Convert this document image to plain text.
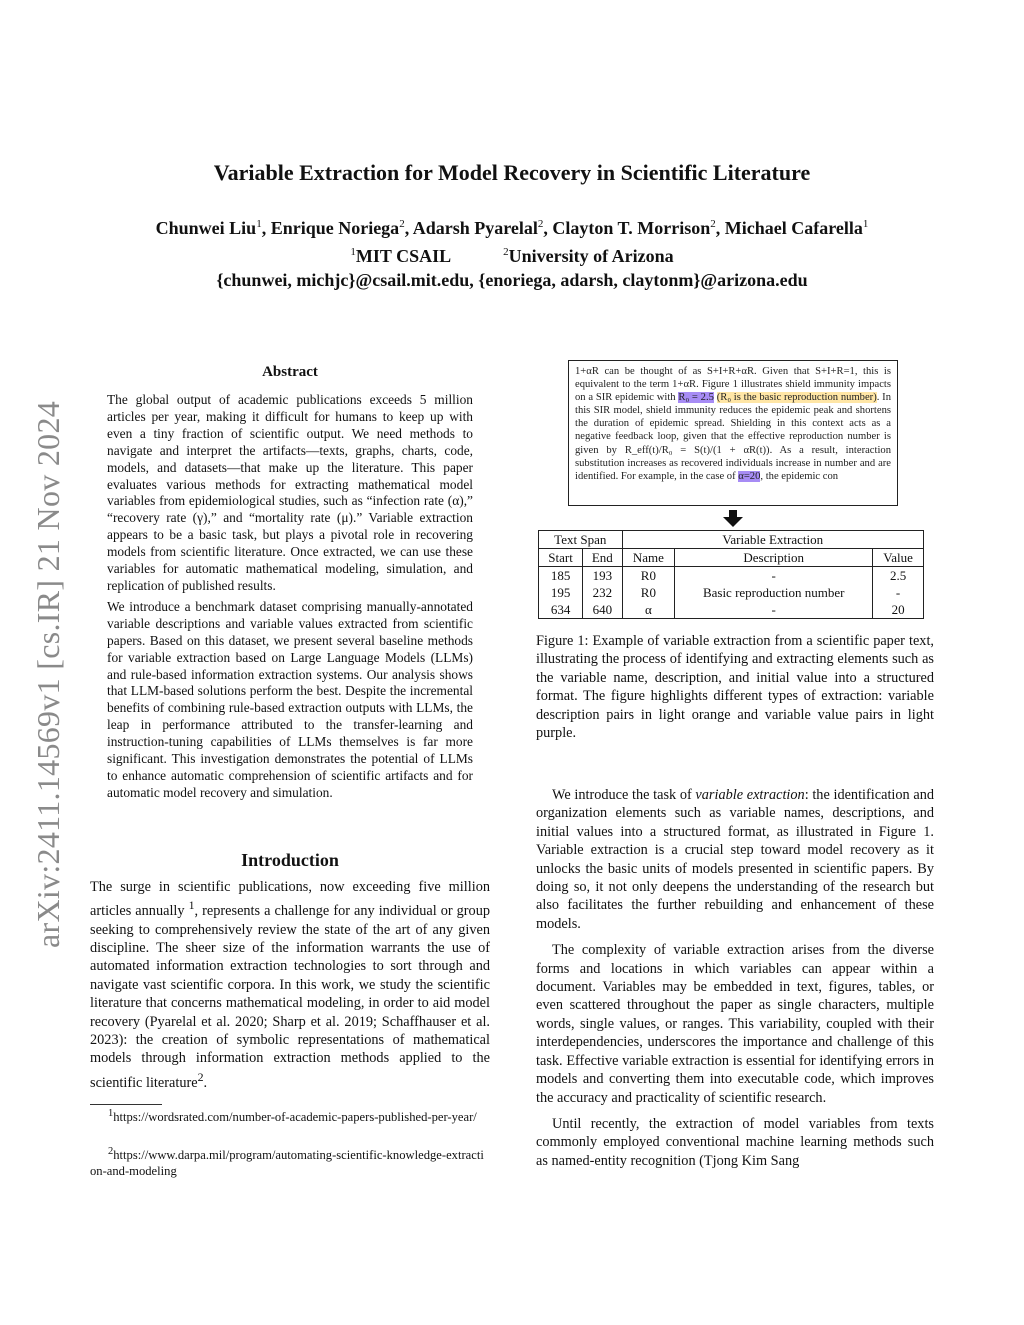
Variable Extraction for Model Recovery in Scientific Literature
Chunwei Liu$^1$, Enrique Noriega$^2$, Adarsh Pyarelal$^2$, Clayton T. Morrison$^2$, Michael Cafarella$^1$
$^1$MIT CSAIL	$^2$University of Arizona
{chunwei, michjc}@csail.mit.edu, {enoriega, adarsh, claytonm}@arizona.edu
arXiv:2411.14569v1 [cs.IR] 21 Nov 2024
Abstract

The global output of academic publications exceeds 5 million articles per year, making it difficult for humans to keep up with even a tiny fraction of scientific output. We need methods to navigate and interpret the artifacts—texts, graphs, charts, code, models, and datasets—that make up the literature. This paper evaluates various methods for extracting mathematical model variables from epidemiological studies, such as “infection rate (α),” “recovery rate (γ),” and “mortality rate (μ).” Variable extraction appears to be a basic task, but plays a pivotal role in recovering models from scientific literature. Once extracted, we can use these variables for automatic mathematical modeling, simulation, and replication of published results.

We introduce a benchmark dataset comprising manually-annotated variable descriptions and variable values extracted from scientific papers. Based on this dataset, we present several baseline methods for variable extraction based on Large Language Models (LLMs) and rule-based information extraction systems. Our analysis shows that LLM-based solutions perform the best. Despite the incremental benefits of combining rule-based extraction outputs with LLMs, the leap in performance attributed to the transfer-learning and instruction-tuning capabilities of LLMs themselves is far more significant. This investigation demonstrates the potential of LLMs to enhance automatic comprehension of scientific artifacts and for automatic model recovery and simulation.

Introduction

The surge in scientific publications, now exceeding five million articles annually $^1$, represents a challenge for any individual or group seeking to comprehensively review the state of the art of any given discipline. The sheer size of the information warrants the use of automated information extraction technologies to sort through and navigate vast scientific corpora. In this work, we study the scientific literature that concerns mathematical modeling, in order to aid model recovery (Pyarelal et al. 2020; Sharp et al. 2019; Schaffhauser et al. 2023): the creation of symbolic representations of mathematical models through information extraction methods applied to the scientific literature$^2$.

$^1$https://wordsrated.com/number-of-academic-papers-published-per-year/
$^2$https://www.darpa.mil/program/automating-scientific-knowledge-extraction-and-modeling
1+αR can be thought of as S+I+R+αR. Given that S+I+R=1, this is equivalent to the term 1+αR. Figure 1 illustrates shield immunity impacts on a SIR epidemic with R₀ = 2.5 (R₀ is the basic reproduction number). In this SIR model, shield immunity reduces the epidemic peak and shortens the duration of epidemic spread. Shielding in this context acts as a negative feedback loop, given that the effective reproduction number is given by R_eff(t)/R₀ = S(t)/(1 + αR(t)). As a result, interaction substitution increases as recovered individuals increase in number and are identified. For example, in the case of α=20, the epidemic con
Text Span		Variable Extraction		
Start	End	Name	Description	Value
185	193	R0	-	2.5
195	232	R0	Basic reproduction number	-
634	640	α	-	20
Figure 1: Example of variable extraction from a scientific paper text, illustrating the process of identifying and extracting elements such as the variable name, description, and initial value into a structured format. The figure highlights different types of extraction: variable description pairs in light orange and variable value pairs in light purple.

We introduce the task of variable extraction: the identification and organization elements such as variable names, descriptions, and initial values into a structured format, as illustrated in Figure 1. Variable extraction is a crucial step toward model recovery as it unlocks the basic units of models presented in scientific papers. By doing so, it not only deepens the understanding of the research but also facilitates the further rebuilding and enhancement of these models.

The complexity of variable extraction arises from the diverse forms and locations in which variables can appear within a document. Variables may be embedded in text, figures, tables, or even scattered throughout the paper as single characters, multiple words, single values, or ranges. This variability, coupled with their interdependencies, underscores the importance and challenge of this task. Effective variable extraction is essential for identifying errors in models and converting them into executable code, which improves the accuracy and practicality of scientific research.

Until recently, the extraction of model variables from texts commonly employed conventional machine learning methods such as named-entity recognition (Tjong Kim Sang
